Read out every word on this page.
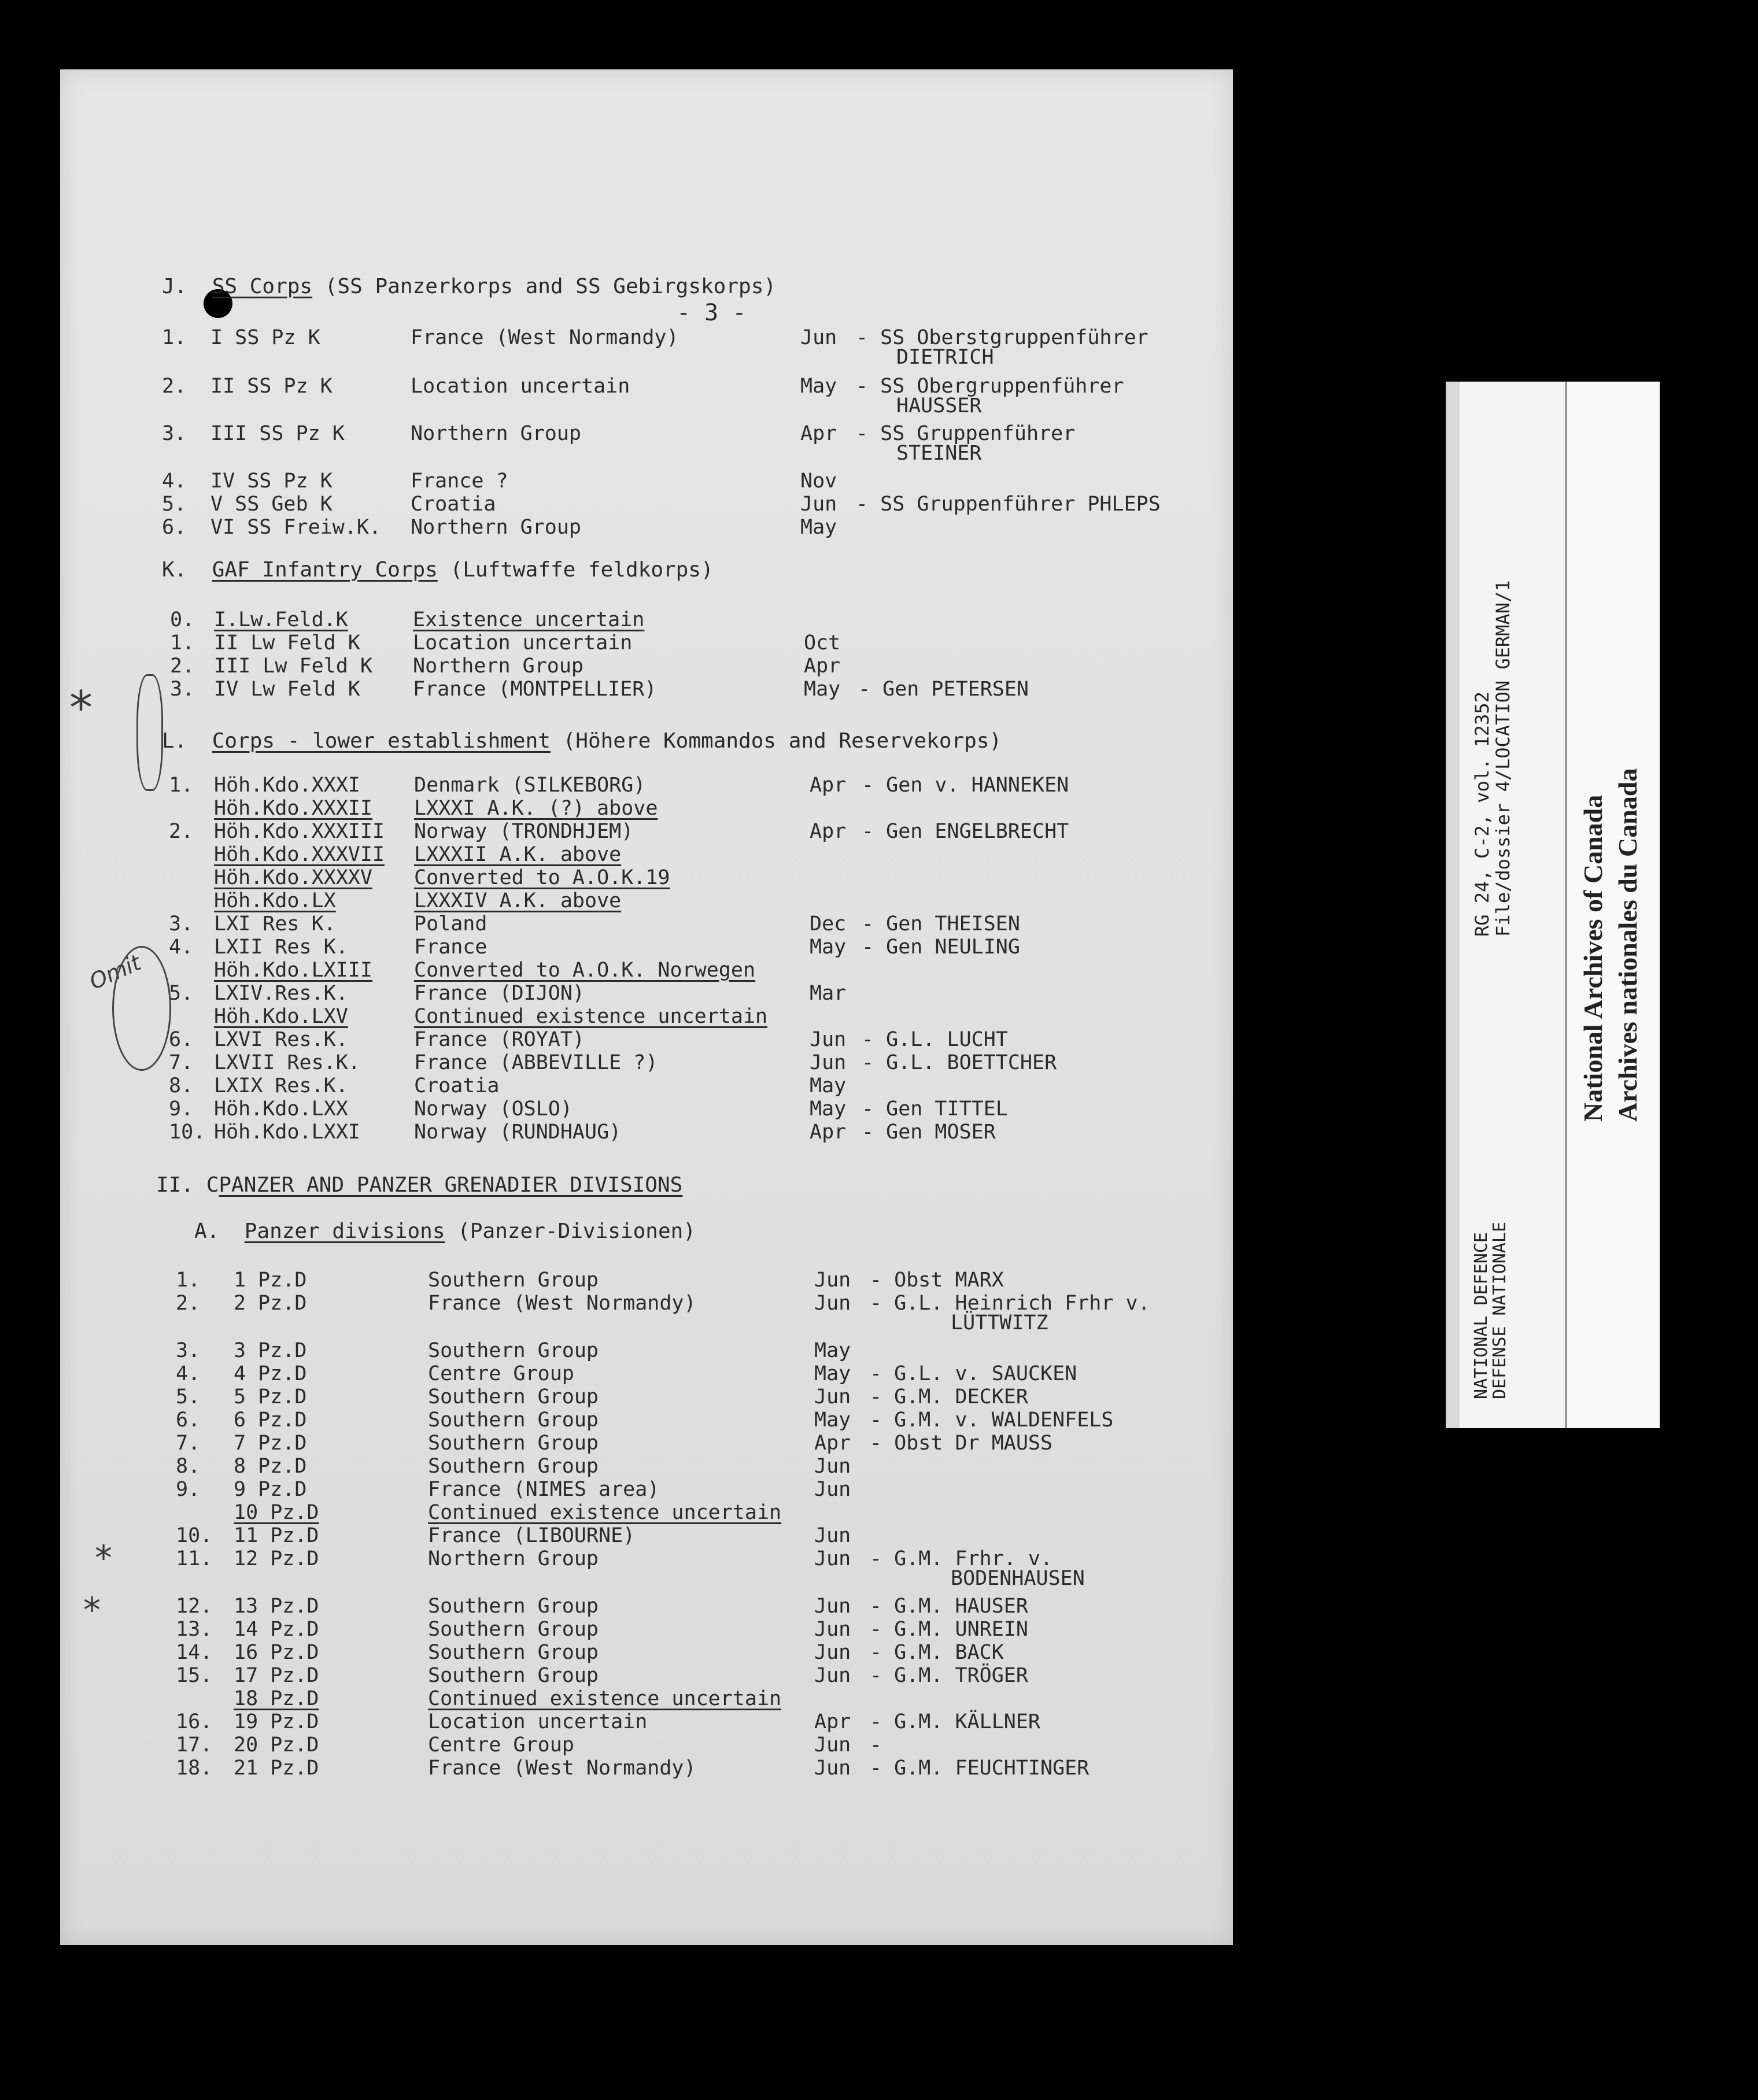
- 3 -
J. SS Corps (SS Panzerkorps and SS Gebirgskorps)
1. I SS Pz K	France (West Normandy)	Jun - SS Oberstgruppenführer
DIETRICH
2. II SS Pz K	Location uncertain	May - SS Obergruppenführer
HAUSSER
3. III SS Pz K	Northern Group	Apr - SS Gruppenführer
STEINER
4. IV SS Pz K	France ?	Nov
5. V SS Geb K	Croatia	Jun - SS Gruppenführer PHLEPS
6. VI SS Freiw.K. Northern Group	May
K. GAF Infantry Corps (Luftwaffe feldkorps)
0. I.Lw.Feld.K	Existence uncertain
1. II Lw Feld K	Location uncertain	Oct
2. III Lw Feld K Northern Group	Apr
3. IV Lw Feld K	France (MONTPELLIER)	May - Gen PETERSEN
L. Corps - lower establishment (Höhere Kommandos and Reservekorps)
1. Höh.Kdo.XXXI	Denmark (SILKEBORG)	Apr - Gen v. HANNEKEN
Höh.Kdo.XXXII LXXXI A.K. (?) above
2. Höh.Kdo.XXXIII Norway (TRONDHJEM)	Apr - Gen ENGELBRECHT
Höh.Kdo.XXXVII LXXXII A.K. above
Höh.Kdo.XXXXV Converted to A.O.K.19
Höh.Kdo.LX	LXXXIV A.K. above
3. LXI Res K.	Poland	Dec - Gen THEISEN
4. LXII Res K.	France	May - Gen NEULING
Höh.Kdo.LXIII Converted to A.O.K. Norwegen
5. LXIV.Res.K.	France (DIJON)	Mar
Höh.Kdo.LXV	Continued existence uncertain
6. LXVI Res.K.	France (ROYAT)	Jun - G.L. LUCHT
7. LXVII Res.K.	France (ABBEVILLE ?)	Jun - G.L. BOETTCHER
8. LXIX Res.K.	Croatia	May
9. Höh.Kdo.LXX	Norway (OSLO)	May - Gen TITTEL
10. Höh.Kdo.LXXI	Norway (RUNDHAUG)	Apr - Gen MOSER
II. CPANZER AND PANZER GRENADIER DIVISIONS
A. Panzer divisions (Panzer-Divisionen)
1. 1 Pz.D	Southern Group	Jun - Obst MARX
2. 2 Pz.D	France (West Normandy)	Jun - G.L. Heinrich Frhr v.
LÜTTWITZ
3. 3 Pz.D	Southern Group	May
4. 4 Pz.D	Centre Group	May - G.L. v. SAUCKEN
5. 5 Pz.D	Southern Group	Jun - G.M. DECKER
6. 6 Pz.D	Southern Group	May - G.M. v. WALDENFELS
7. 7 Pz.D	Southern Group	Apr - Obst Dr MAUSS
8. 8 Pz.D	Southern Group	Jun
9. 9 Pz.D	France (NIMES area)	Jun
10 Pz.D	Continued existence uncertain
10. 11 Pz.D	France (LIBOURNE)	Jun
11. 12 Pz.D	Northern Group	Jun - G.M. Frhr. v.
BODENHAUSEN
12. 13 Pz.D	Southern Group	Jun - G.M. HAUSER
13. 14 Pz.D	Southern Group	Jun - G.M. UNREIN
14. 16 Pz.D	Southern Group	Jun - G.M. BACK
15. 17 Pz.D	Southern Group	Jun - G.M. TRÖGER
18 Pz.D	Continued existence uncertain
16. 19 Pz.D	Location uncertain	Apr - G.M. KÄLLNER
17. 20 Pz.D	Centre Group	Jun -
18. 21 Pz.D	France (West Normandy)	Jun - G.M. FEUCHTINGER
*
Omit
*
*
NATIONAL DEFENCE
DEFENSE NATIONALE
RG 24, C-2, vol. 12352
File/dossier 4/LOCATION GERMAN/1
National Archives of Canada Archives nationales du Canada
